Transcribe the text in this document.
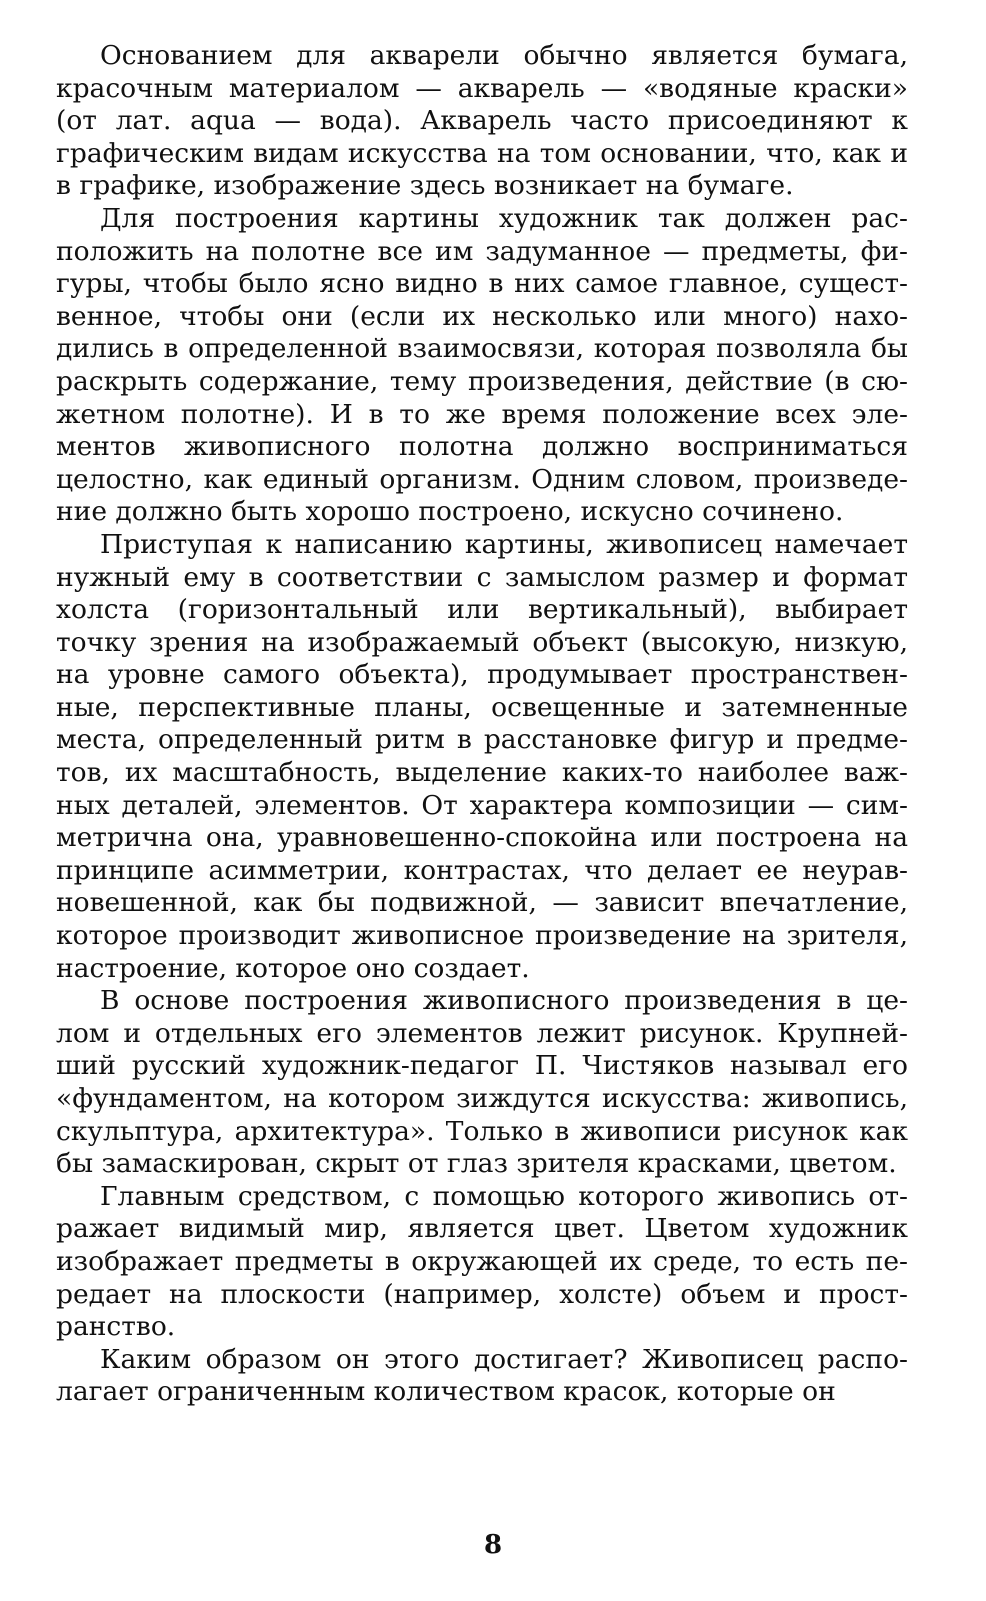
Основанием для акварели обычно является бумага, красочным материалом — акварель — «водяные краски» (от лат. aqua — вода). Акварель часто присоединяют к графическим видам искусства на том основании, что, как и в графике, изображение здесь возникает на бумаге.

Для построения картины художник так должен расположить на полотне все им задуманное — предметы, фигуры, чтобы было ясно видно в них самое главное, существенное, чтобы они (если их несколько или много) находились в определенной взаимосвязи, которая позволяла бы раскрыть содержание, тему произведения, действие (в сюжетном полотне). И в то же время положение всех элементов живописного полотна должно восприниматься целостно, как единый организм. Одним словом, произведение должно быть хорошо построено, искусно сочинено.

Приступая к написанию картины, живописец намечает нужный ему в соответствии с замыслом размер и формат холста (горизонтальный или вертикальный), выбирает точку зрения на изображаемый объект (высокую, низкую, на уровне самого объекта), продумывает пространственные, перспективные планы, освещенные и затемненные места, определенный ритм в расстановке фигур и предметов, их масштабность, выделение каких-то наиболее важных деталей, элементов. От характера композиции — симметрична она, уравновешенно-спокойна или построена на принципе асимметрии, контрастах, что делает ее неуравновешенной, как бы подвижной, — зависит впечатление, которое производит живописное произведение на зрителя, настроение, которое оно создает.

В основе построения живописного произведения в целом и отдельных его элементов лежит рисунок. Крупнейший русский художник-педагог П. Чистяков называл его «фундаментом, на котором зиждутся искусства: живопись, скульптура, архитектура». Только в живописи рисунок как бы замаскирован, скрыт от глаз зрителя красками, цветом.

Главным средством, с помощью которого живопись отражает видимый мир, является цвет. Цветом художник изображает предметы в окружающей их среде, то есть передает на плоскости (например, холсте) объем и пространство.

Каким образом он этого достигает? Живописец располагает ограниченным количеством красок, которые он

8
